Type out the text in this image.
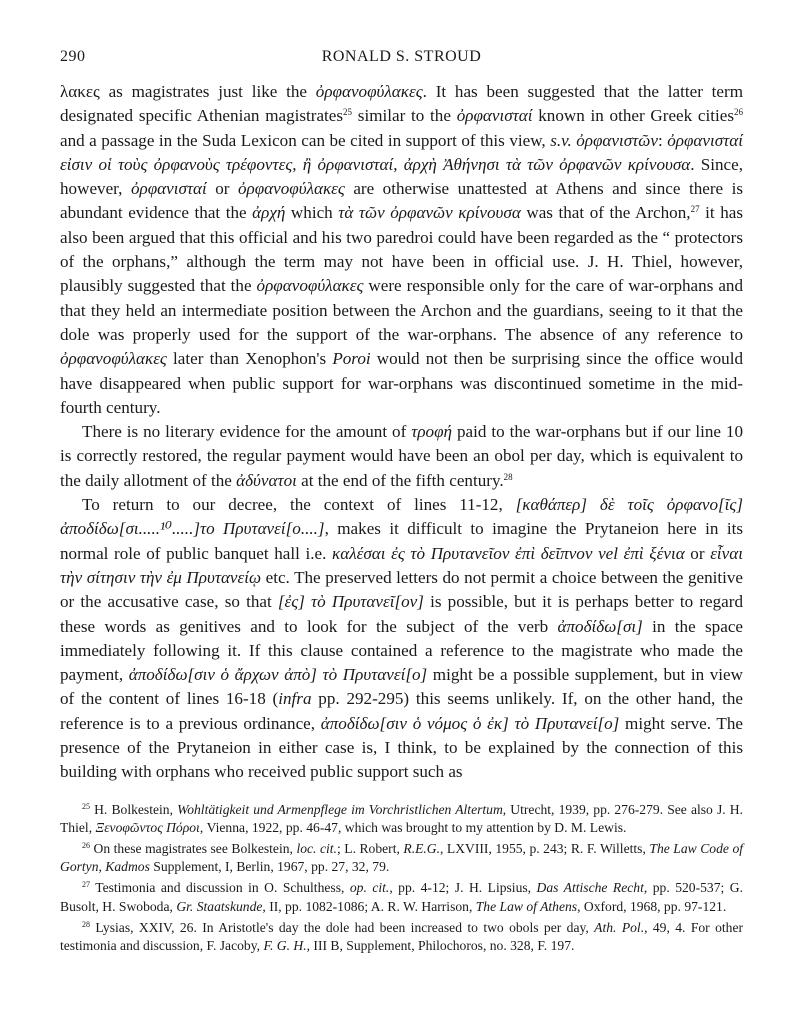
290	RONALD S. STROUD

λακες as magistrates just like the ὀρφανοφύλακες. It has been suggested that the latter term designated specific Athenian magistrates$^{25}$ similar to the ὀρφανισταί known in other Greek cities$^{26}$ and a passage in the Suda Lexicon can be cited in support of this view, s.v. ὀρφανιστῶν: ὀρφανισταί εἰσιν οἱ τοὺς ὀρφανοὺς τρέφοντες, ἢ ὀρφανισταί, ἀρχὴ Ἀθήνησι τὰ τῶν ὀρφανῶν κρίνουσα. Since, however, ὀρφανισταί or ὀρφανοφύλακες are otherwise unattested at Athens and since there is abundant evidence that the ἀρχή which τὰ τῶν ὀρφανῶν κρίνουσα was that of the Archon,$^{27}$ it has also been argued that this official and his two paredroi could have been regarded as the “ protectors of the orphans,” although the term may not have been in official use. J. H. Thiel, however, plausibly suggested that the ὀρφανοφύλακες were responsible only for the care of war-orphans and that they held an intermediate position between the Archon and the guardians, seeing to it that the dole was properly used for the support of the war-orphans. The absence of any reference to ὀρφανοφύλακες later than Xenophon's Poroi would not then be surprising since the office would have disappeared when public support for war-orphans was discontinued sometime in the mid-fourth century.

There is no literary evidence for the amount of τροφή paid to the war-orphans but if our line 10 is correctly restored, the regular payment would have been an obol per day, which is equivalent to the daily allotment of the ἀδύνατοι at the end of the fifth century.$^{28}$

To return to our decree, the context of lines 11-12, [καθάπερ] δὲ τοῖς ὀρφανο[ῖς] ἀποδίδω[σι.....¹⁰.....]το Πρυτανεί[ο....], makes it difficult to imagine the Prytaneion here in its normal role of public banquet hall i.e. καλέσαι ἐς τὸ Πρυτανεῖον ἐπὶ δεῖπνον vel ἐπὶ ξένια or εἶναι τὴν σίτησιν τὴν ἐμ Πρυτανείῳ etc. The preserved letters do not permit a choice between the genitive or the accusative case, so that [ἐς] τὸ Πρυτανεῖ[ον] is possible, but it is perhaps better to regard these words as genitives and to look for the subject of the verb ἀποδίδω[σι] in the space immediately following it. If this clause contained a reference to the magistrate who made the payment, ἀποδίδω[σιν ὁ ἄρχων ἀπὸ] τὸ Πρυτανεί[ο] might be a possible supplement, but in view of the content of lines 16-18 (infra pp. 292-295) this seems unlikely. If, on the other hand, the reference is to a previous ordinance, ἀποδίδω[σιν ὁ νόμος ὁ ἐκ] τὸ Πρυτανεί[ο] might serve. The presence of the Prytaneion in either case is, I think, to be explained by the connection of this building with orphans who received public support such as

$^{25}$ H. Bolkestein, Wohltätigkeit und Armenpflege im Vorchristlichen Altertum, Utrecht, 1939, pp. 276-279. See also J. H. Thiel, Ξενοφῶντος Πόροι, Vienna, 1922, pp. 46-47, which was brought to my attention by D. M. Lewis.

$^{26}$ On these magistrates see Bolkestein, loc. cit.; L. Robert, R.E.G., LXVIII, 1955, p. 243; R. F. Willetts, The Law Code of Gortyn, Kadmos Supplement, I, Berlin, 1967, pp. 27, 32, 79.

$^{27}$ Testimonia and discussion in O. Schulthess, op. cit., pp. 4-12; J. H. Lipsius, Das Attische Recht, pp. 520-537; G. Busolt, H. Swoboda, Gr. Staatskunde, II, pp. 1082-1086; A. R. W. Harrison, The Law of Athens, Oxford, 1968, pp. 97-121.

$^{28}$ Lysias, XXIV, 26. In Aristotle's day the dole had been increased to two obols per day, Ath. Pol., 49, 4. For other testimonia and discussion, F. Jacoby, F. G. H., III B, Supplement, Philochoros, no. 328, F. 197.
